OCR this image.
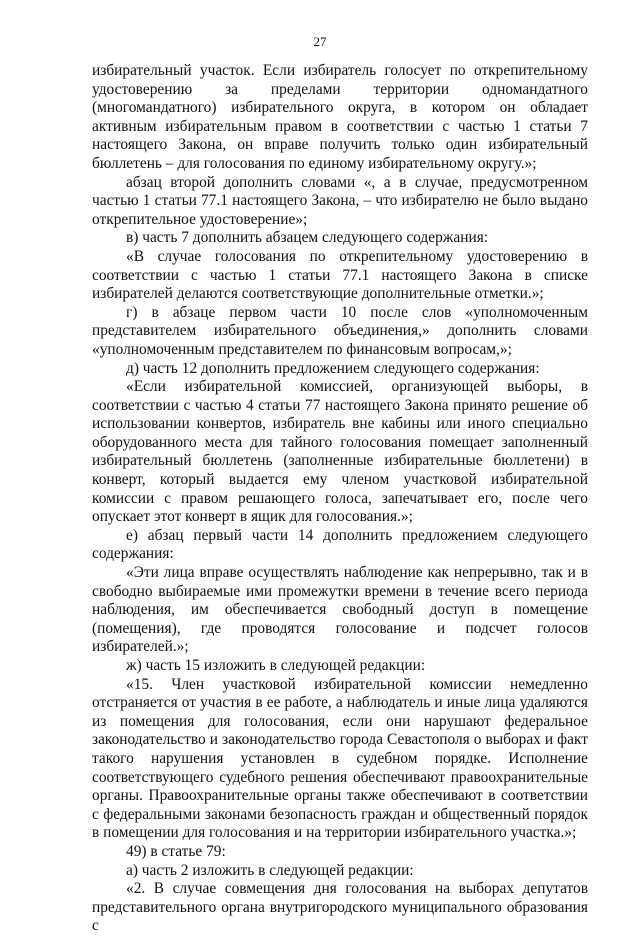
27

избирательный участок. Если избиратель голосует по открепительному удостоверению за пределами территории одномандатного (многомандатного) избирательного округа, в котором он обладает активным избирательным правом в соответствии с частью 1 статьи 7 настоящего Закона, он вправе получить только один избирательный бюллетень – для голосования по единому избирательному округу.»;

абзац второй дополнить словами «, а в случае, предусмотренном частью 1 статьи 77.1 настоящего Закона, – что избирателю не было выдано открепительное удостоверение»;

в) часть 7 дополнить абзацем следующего содержания:

«В случае голосования по открепительному удостоверению в соответствии с частью 1 статьи 77.1 настоящего Закона в списке избирателей делаются соответствующие дополнительные отметки.»;

г) в абзаце первом части 10 после слов «уполномоченным представителем избирательного объединения,» дополнить словами «уполномоченным представителем по финансовым вопросам,»;

д) часть 12 дополнить предложением следующего содержания:

«Если избирательной комиссией, организующей выборы, в соответствии с частью 4 статьи 77 настоящего Закона принято решение об использовании конвертов, избиратель вне кабины или иного специально оборудованного места для тайного голосования помещает заполненный избирательный бюллетень (заполненные избирательные бюллетени) в конверт, который выдается ему членом участковой избирательной комиссии с правом решающего голоса, запечатывает его, после чего опускает этот конверт в ящик для голосования.»;

е) абзац первый части 14 дополнить предложением следующего содержания:

«Эти лица вправе осуществлять наблюдение как непрерывно, так и в свободно выбираемые ими промежутки времени в течение всего периода наблюдения, им обеспечивается свободный доступ в помещение (помещения), где проводятся голосование и подсчет голосов избирателей.»;

ж) часть 15 изложить в следующей редакции:

«15. Член участковой избирательной комиссии немедленно отстраняется от участия в ее работе, а наблюдатель и иные лица удаляются из помещения для голосования, если они нарушают федеральное законодательство и законодательство города Севастополя о выборах и факт такого нарушения установлен в судебном порядке. Исполнение соответствующего судебного решения обеспечивают правоохранительные органы. Правоохранительные органы также обеспечивают в соответствии с федеральными законами безопасность граждан и общественный порядок в помещении для голосования и на территории избирательного участка.»;

49) в статье 79:

а) часть 2 изложить в следующей редакции:

«2. В случае совмещения дня голосования на выборах депутатов представительного органа внутригородского муниципального образования с
